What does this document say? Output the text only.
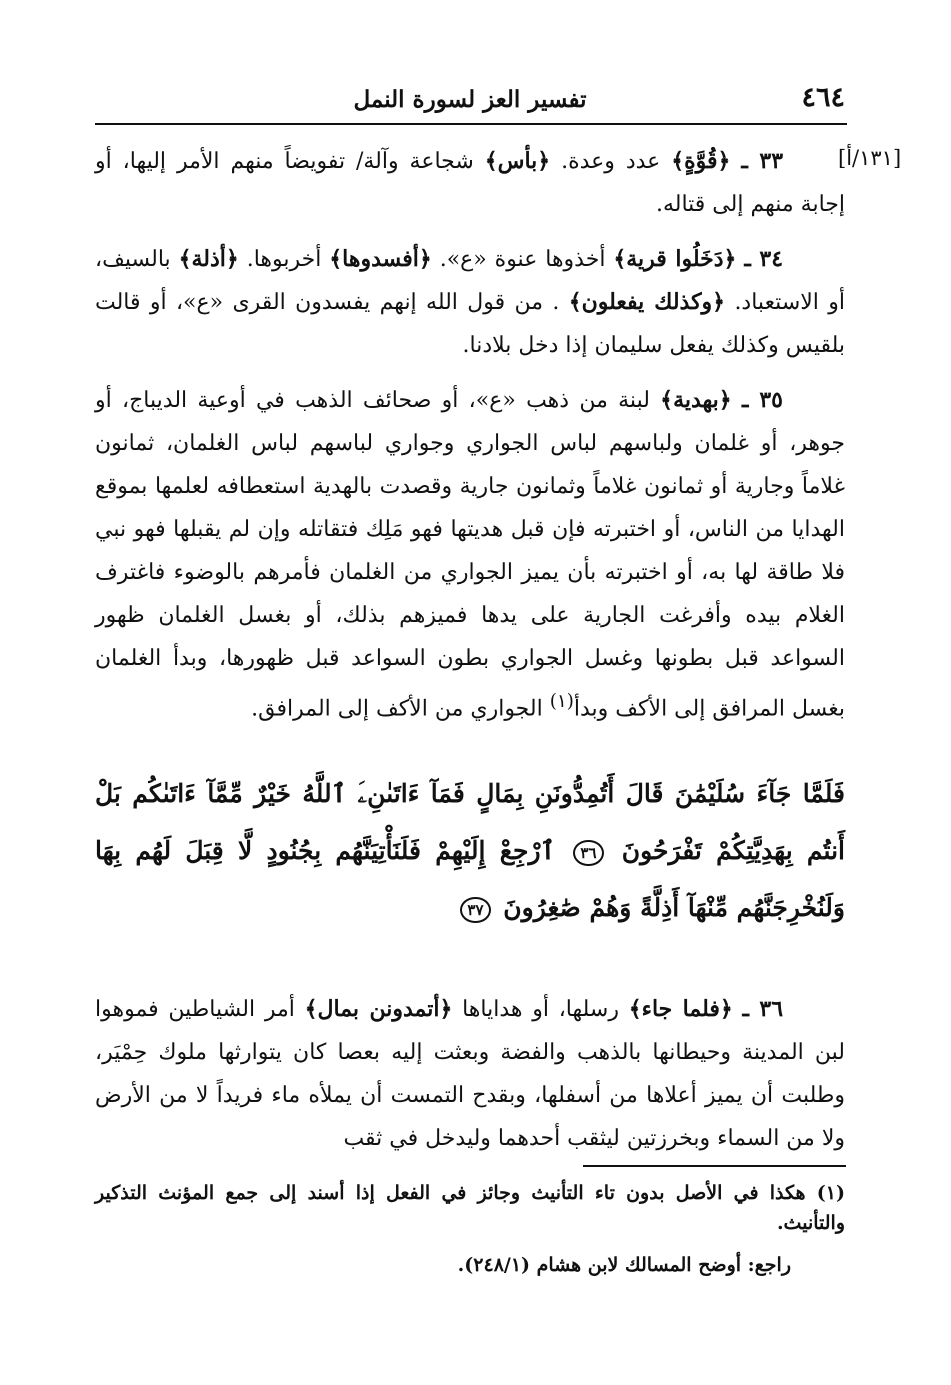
٤٦٤
تفسير العز لسورة النمل
[١٣١/أ]

٣٣ ـ ﴿قُوَّةٍ﴾ عدد وعدة. ﴿بأس﴾ شجاعة وآلة/ تفويضاً منهم الأمر إليها، أو إجابة منهم إلى قتاله.

٣٤ ـ ﴿دَخَلُوا قرية﴾ أخذوها عنوة «ع». ﴿أفسدوها﴾ أخربوها. ﴿أذلة﴾ بالسيف، أو الاستعباد. ﴿وكذلك يفعلون﴾ . من قول الله إنهم يفسدون القرى «ع»، أو قالت بلقيس وكذلك يفعل سليمان إذا دخل بلادنا.

٣٥ ـ ﴿بهدية﴾ لبنة من ذهب «ع»، أو صحائف الذهب في أوعية الديباج، أو جوهر، أو غلمان ولباسهم لباس الجواري وجواري لباسهم لباس الغلمان، ثمانون غلاماً وجارية أو ثمانون غلاماً وثمانون جارية وقصدت بالهدية استعطافه لعلمها بموقع الهدايا من الناس، أو اختبرته فإن قبل هديتها فهو مَلِك فتقاتله وإن لم يقبلها فهو نبي فلا طاقة لها به، أو اختبرته بأن يميز الجواري من الغلمان فأمرهم بالوضوء فاغترف الغلام بيده وأفرغت الجارية على يدها فميزهم بذلك، أو بغسل الغلمان ظهور السواعد قبل بطونها وغسل الجواري بطون السواعد قبل ظهورها، وبدأ الغلمان بغسل المرافق إلى الأكف وبدأ$^{(١)}$ الجواري من الأكف إلى المرافق.

فَلَمَّا جَآءَ سُلَيْمَٰنَ قَالَ أَتُمِدُّونَنِ بِمَالٍ فَمَآ ءَاتَىٰنِۦَ ٱللَّهُ خَيْرٌ مِّمَّآ ءَاتَىٰكُم بَلْ أَنتُم بِهَدِيَّتِكُمْ تَفْرَحُونَ ٣٦ ٱرْجِعْ إِلَيْهِمْ فَلَنَأْتِيَنَّهُم بِجُنُودٍ لَّا قِبَلَ لَهُم بِهَا وَلَنُخْرِجَنَّهُم مِّنْهَآ أَذِلَّةً وَهُمْ صَٰغِرُونَ ٣٧

٣٦ ـ ﴿فلما جاء﴾ رسلها، أو هداياها ﴿أتمدونن بمال﴾ أمر الشياطين فموهوا لبن المدينة وحيطانها بالذهب والفضة وبعثت إليه بعصا كان يتوارثها ملوك حِمْيَر، وطلبت أن يميز أعلاها من أسفلها، وبقدح التمست أن يملأه ماء فريداً لا من الأرض ولا من السماء وبخرزتين ليثقب أحدهما وليدخل في ثقب

(١) هكذا في الأصل بدون تاء التأنيث وجائز في الفعل إذا أسند إلى جمع المؤنث التذكير والتأنيث.

راجع: أوضح المسالك لابن هشام (٢٤٨/١).
